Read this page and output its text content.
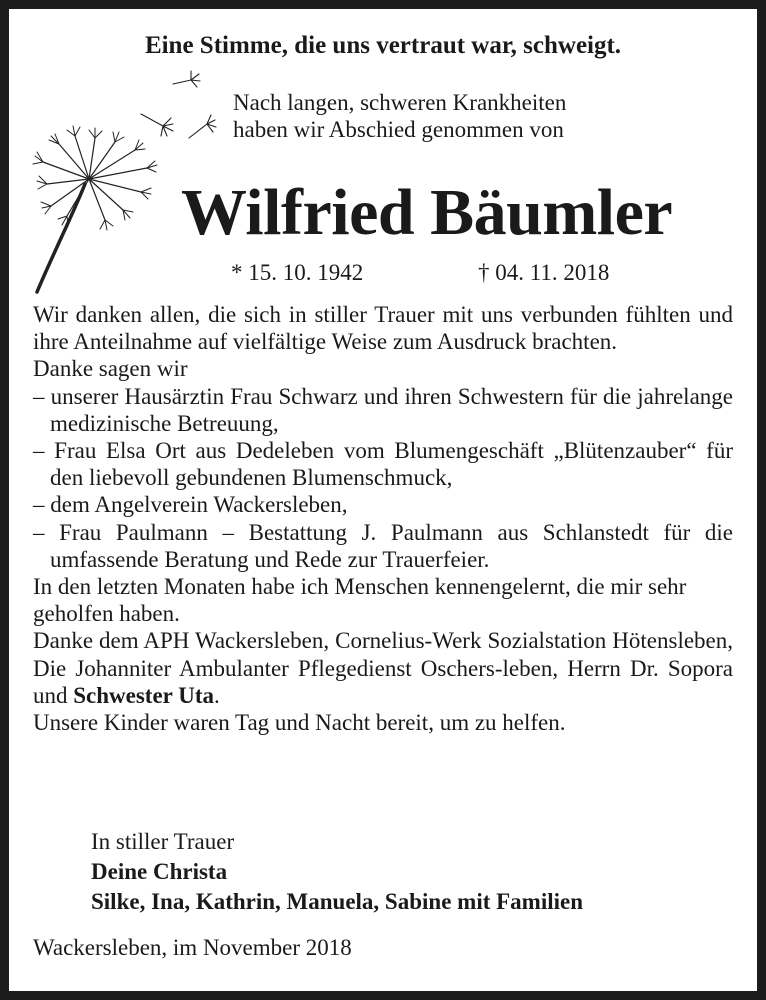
Eine Stimme, die uns vertraut war, schweigt.
Nach langen, schweren Krankheiten
haben wir Abschied genommen von
Wilfried Bäumler
* 15. 10. 1942	† 04. 11. 2018

Wir danken allen, die sich in stiller Trauer mit uns verbunden fühlten und ihre Anteilnahme auf vielfältige Weise zum Ausdruck brachten.

Danke sagen wir

– unserer Hausärztin Frau Schwarz und ihren Schwestern für die jahrelange medizinische Betreuung,

– Frau Elsa Ort aus Dedeleben vom Blumengeschäft „Blütenzauber“ für den liebevoll gebundenen Blumenschmuck,

– dem Angelverein Wackersleben,

– Frau Paulmann – Bestattung J. Paulmann aus Schlanstedt für die umfassende Beratung und Rede zur Trauerfeier.

In den letzten Monaten habe ich Menschen kennengelernt, die mir sehr geholfen haben.

Danke dem APH Wackersleben, Cornelius-Werk Sozialstation Hötensleben, Die Johanniter Ambulanter Pflegedienst Oschers-leben, Herrn Dr. Sopora und Schwester Uta.

Unsere Kinder waren Tag und Nacht bereit, um zu helfen.

In stiller Trauer
Deine Christa
Silke, Ina, Kathrin, Manuela, Sabine mit Familien
Wackersleben, im November 2018
